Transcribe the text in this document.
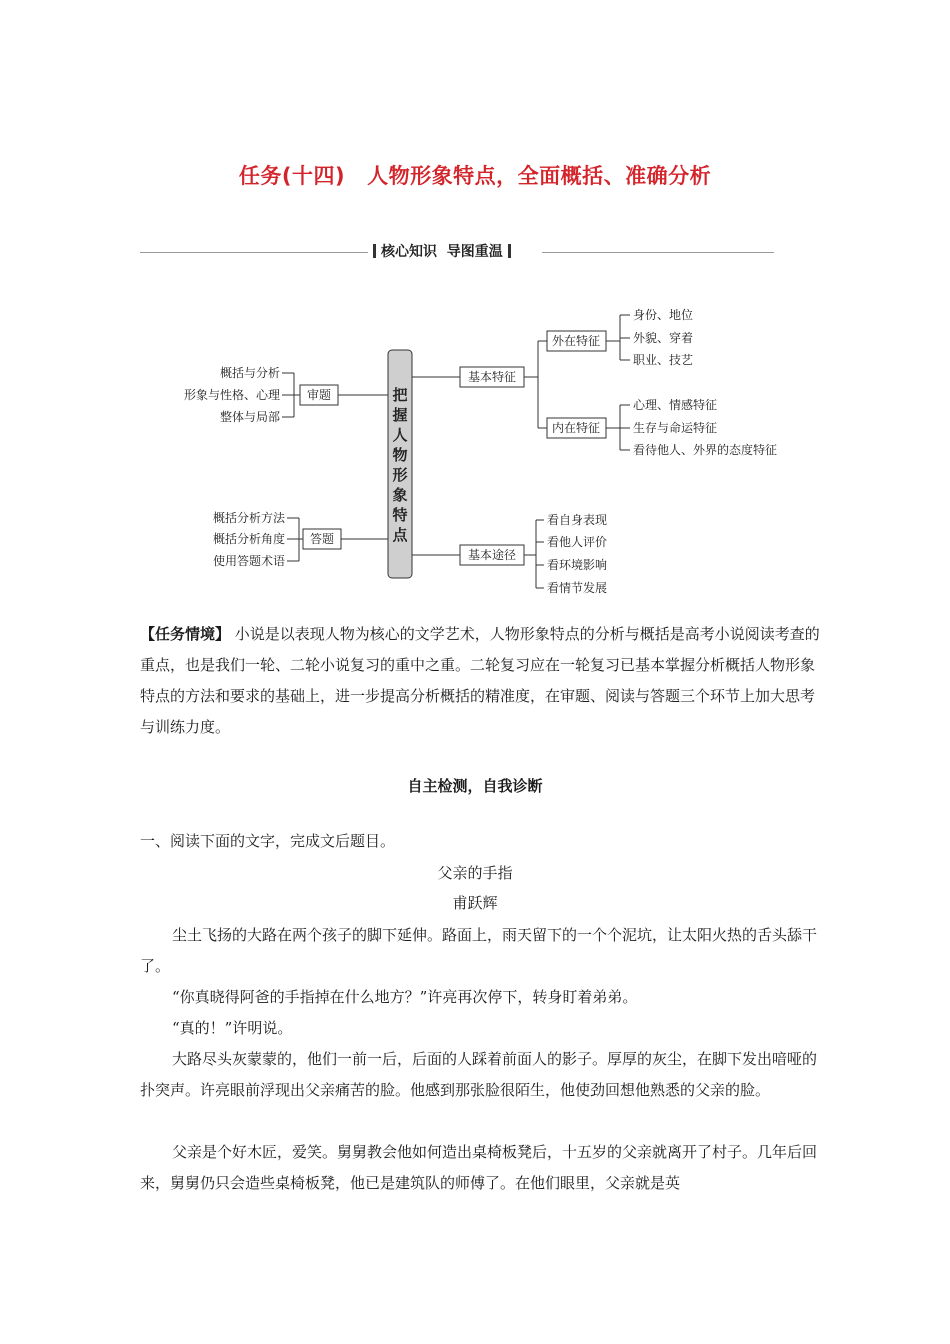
任务(十四) 人物形象特点，全面概括、准确分析
核心知识  导图重温
把
握
人
物
形
象
特
点
概括与分析
形象与性格、心理
整体与局部
审题
概括分析方法
概括分析角度
使用答题术语
答题
基本特征
外在特征
身份、地位
外貌、穿着
职业、技艺
内在特征
心理、情感特征
生存与命运特征
看待他人、外界的态度特征
基本途径
看自身表现
看他人评价
看环境影响
看情节发展
【任务情境】 小说是以表现人物为核心的文学艺术，人物形象特点的分析与概括是高考小说阅读考查的重点，也是我们一轮、二轮小说复习的重中之重。二轮复习应在一轮复习已基本掌握分析概括人物形象特点的方法和要求的基础上，进一步提高分析概括的精准度，在审题、阅读与答题三个环节上加大思考与训练力度。
自主检测，自我诊断
一、阅读下面的文字，完成文后题目。
父亲的手指
甫跃辉
尘土飞扬的大路在两个孩子的脚下延伸。路面上，雨天留下的一个个泥坑，让太阳火热的舌头舔干了。
“你真晓得阿爸的手指掉在什么地方？”许亮再次停下，转身盯着弟弟。
“真的！”许明说。
大路尽头灰蒙蒙的，他们一前一后，后面的人踩着前面人的影子。厚厚的灰尘，在脚下发出喑哑的扑突声。许亮眼前浮现出父亲痛苦的脸。他感到那张脸很陌生，他使劲回想他熟悉的父亲的脸。
父亲是个好木匠，爱笑。舅舅教会他如何造出桌椅板凳后，十五岁的父亲就离开了村子。几年后回来，舅舅仍只会造些桌椅板凳，他已是建筑队的师傅了。在他们眼里，父亲就是英
